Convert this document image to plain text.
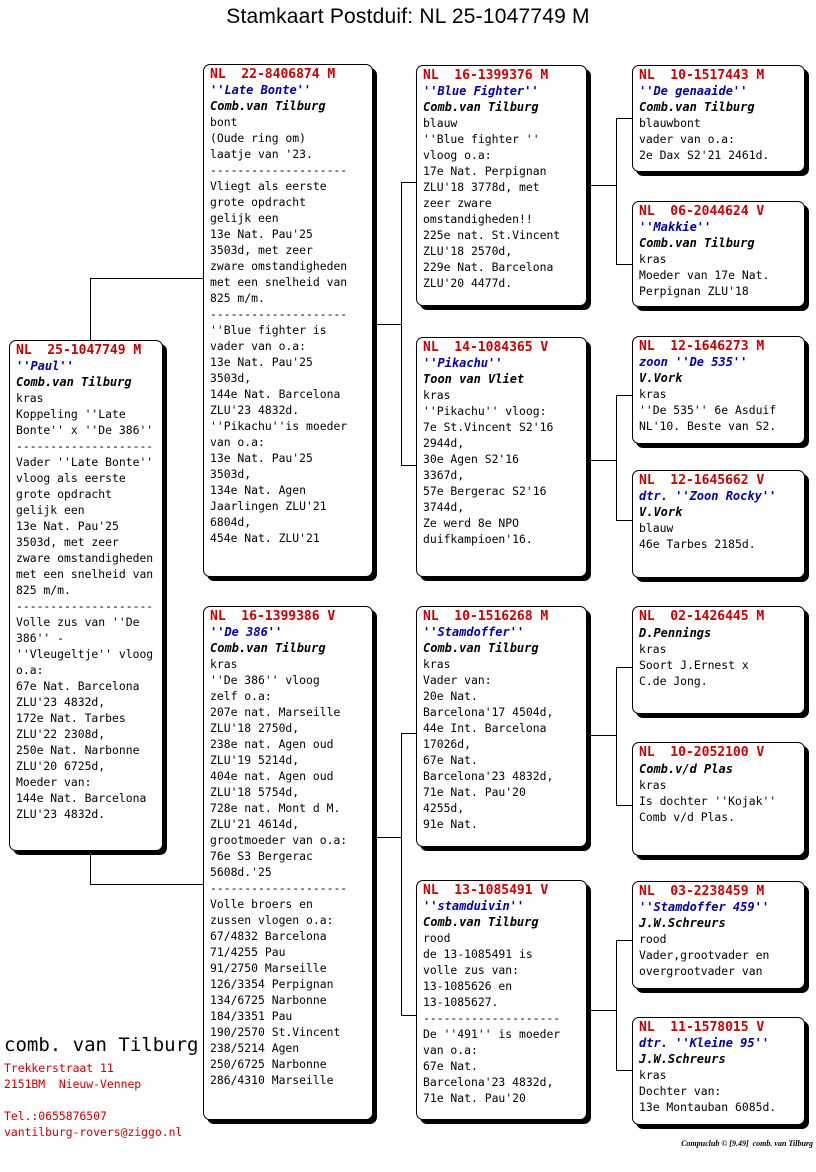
Stamkaart Postduif: NL 25-1047749 M
NL  25-1047749 M
''Paul''
Comb.van Tilburg
kras
Koppeling ''Late
Bonte'' x ''De 386''
--------------------
Vader ''Late Bonte''
vloog als eerste
grote opdracht
gelijk een
13e Nat. Pau'25
3503d, met zeer
zware omstandigheden
met een snelheid van
825 m/m.
--------------------
Volle zus van ''De
386'' -
''Vleugeltje'' vloog
o.a:
67e Nat. Barcelona
ZLU'23 4832d,
172e Nat. Tarbes
ZLU'22 2308d,
250e Nat. Narbonne
ZLU'20 6725d,
Moeder van:
144e Nat. Barcelona
ZLU'23 4832d.
NL  22-8406874 M
''Late Bonte''
Comb.van Tilburg
bont
(Oude ring om)
laatje van '23.
--------------------
Vliegt als eerste
grote opdracht
gelijk een
13e Nat. Pau'25
3503d, met zeer
zware omstandigheden
met een snelheid van
825 m/m.
--------------------
''Blue fighter is
vader van o.a:
13e Nat. Pau'25
3503d,
144e Nat. Barcelona
ZLU'23 4832d.
''Pikachu''is moeder
van o.a:
13e Nat. Pau'25
3503d,
134e Nat. Agen
Jaarlingen ZLU'21
6804d,
454e Nat. ZLU'21
NL  16-1399386 V
''De 386''
Comb.van Tilburg
kras
''De 386'' vloog
zelf o.a:
207e nat. Marseille
ZLU'18 2750d,
238e nat. Agen oud
ZLU'19 5214d,
404e nat. Agen oud
ZLU'18 5754d,
728e nat. Mont d M.
ZLU'21 4614d,
grootmoeder van o.a:
76e S3 Bergerac
5608d.'25
--------------------
Volle broers en
zussen vlogen o.a:
67/4832 Barcelona
71/4255 Pau
91/2750 Marseille
126/3354 Perpignan
134/6725 Narbonne
184/3351 Pau
190/2570 St.Vincent
238/5214 Agen
250/6725 Narbonne
286/4310 Marseille
NL  16-1399376 M
''Blue Fighter''
Comb.van Tilburg
blauw
''Blue fighter ''
vloog o.a:
17e Nat. Perpignan
ZLU'18 3778d, met
zeer zware
omstandigheden!!
225e nat. St.Vincent
ZLU'18 2570d,
229e Nat. Barcelona
ZLU'20 4477d.
NL  14-1084365 V
''Pikachu''
Toon van Vliet
kras
''Pikachu'' vloog:
7e St.Vincent S2'16
2944d,
30e Agen S2'16
3367d,
57e Bergerac S2'16
3744d,
Ze werd 8e NPO
duifkampioen'16.
NL  10-1516268 M
''Stamdoffer''
Comb.van Tilburg
kras
Vader van:
20e Nat.
Barcelona'17 4504d,
44e Int. Barcelona
17026d,
67e Nat.
Barcelona'23 4832d,
71e Nat. Pau'20
4255d,
91e Nat.
NL  13-1085491 V
''stamduivin''
Comb.van Tilburg
rood
de 13-1085491 is
volle zus van:
13-1085626 en
13-1085627.
--------------------
De ''491'' is moeder
van o.a:
67e Nat.
Barcelona'23 4832d,
71e Nat. Pau'20
NL  10-1517443 M
''De genaaide''
Comb.van Tilburg
blauwbont
vader van o.a:
2e Dax S2'21 2461d.
NL  06-2044624 V
''Makkie''
Comb.van Tilburg
kras
Moeder van 17e Nat.
Perpignan ZLU'18
NL  12-1646273 M
zoon ''De 535''
V.Vork
kras
''De 535'' 6e Asduif
NL'10. Beste van S2.
NL  12-1645662 V
dtr. ''Zoon Rocky''
V.Vork
blauw
46e Tarbes 2185d.
NL  02-1426445 M
D.Pennings
kras
Soort J.Ernest x
C.de Jong.
NL  10-2052100 V
Comb.v/d Plas
kras
Is dochter ''Kojak''
Comb v/d Plas.
NL  03-2238459 M
''Stamdoffer 459''
J.W.Schreurs
rood
Vader,grootvader en
overgrootvader van
NL  11-1578015 V
dtr. ''Kleine 95''
J.W.Schreurs
kras
Dochter van:
13e Montauban 6085d.
comb. van Tilburg
Trekkerstraat 11
2151BM  Nieuw-Vennep
Tel.:0655876507
vantilburg-rovers@ziggo.nl
Compuclub © [9.49]  comb. van Tilburg
